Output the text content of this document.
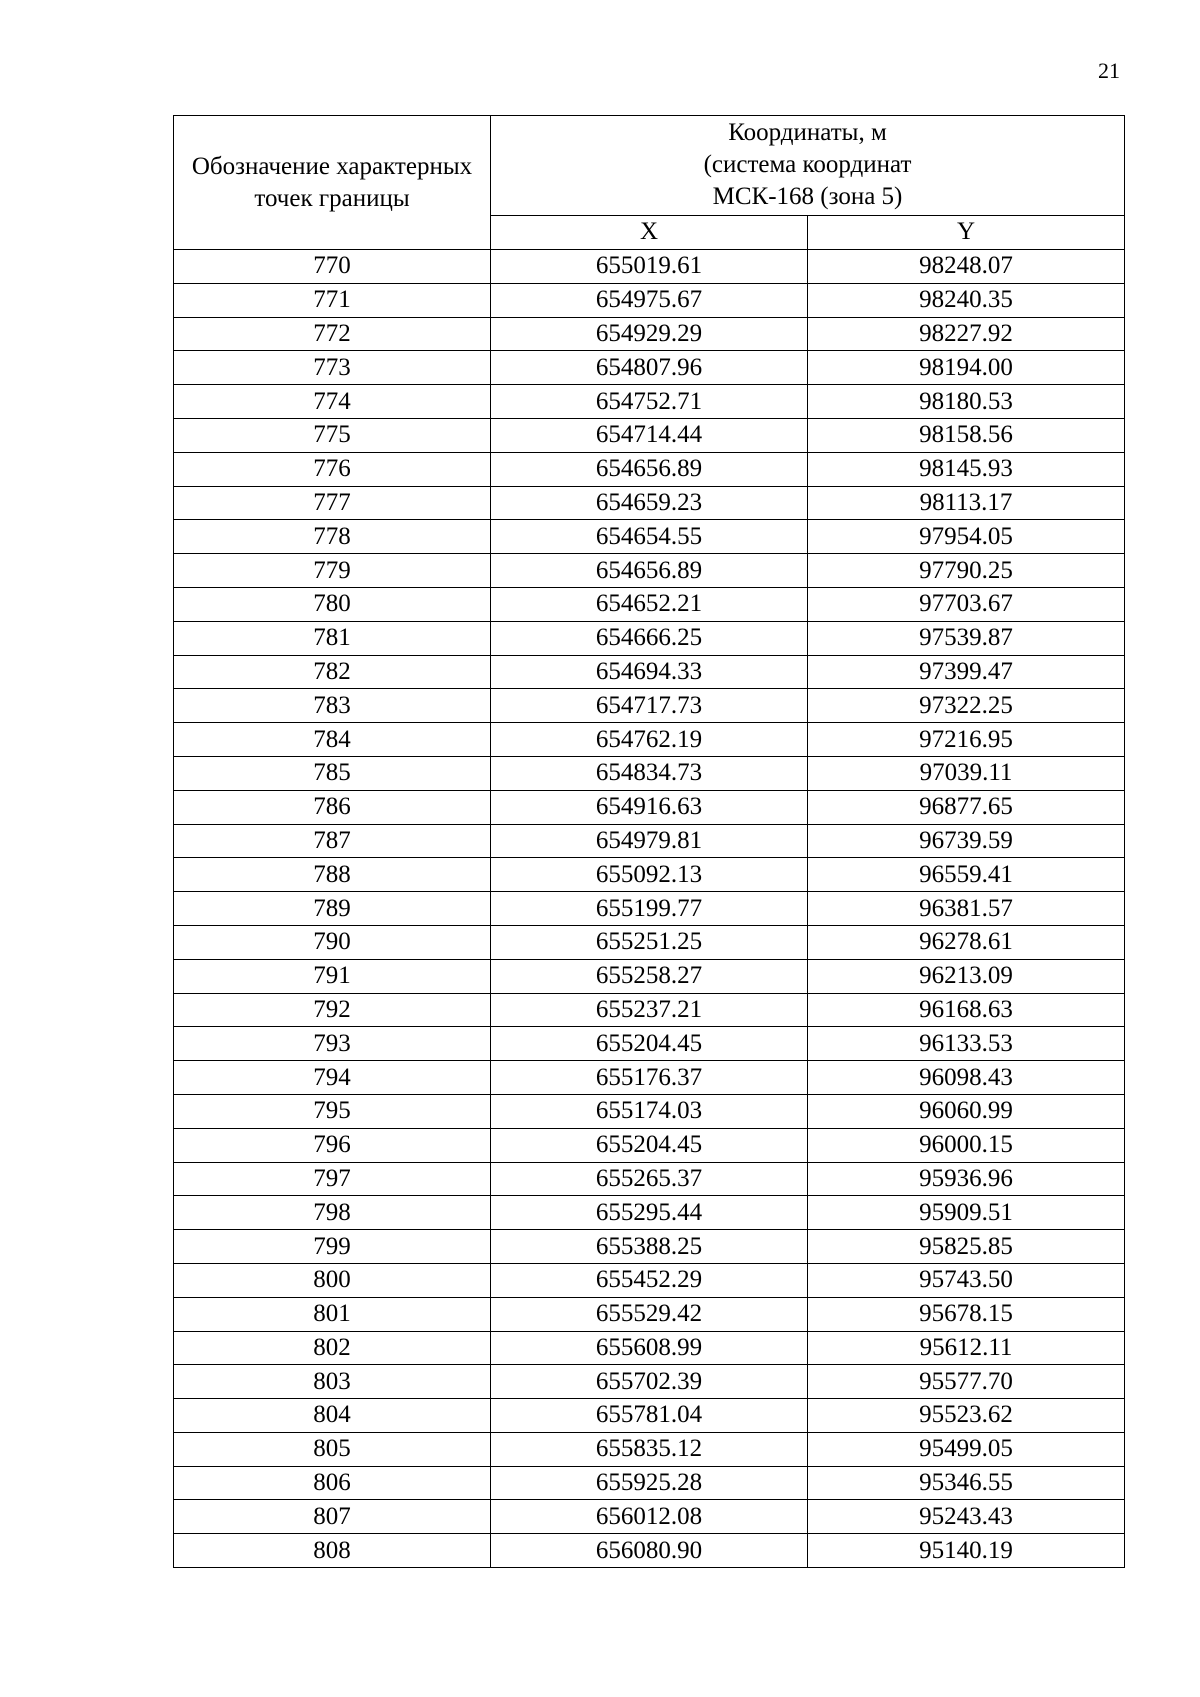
21
Обозначение характерных точек границы	Координаты, м
(система координат
МСК-168 (зона 5)	

	X	Y
770	655019.61	98248.07
771	654975.67	98240.35
772	654929.29	98227.92
773	654807.96	98194.00
774	654752.71	98180.53
775	654714.44	98158.56
776	654656.89	98145.93
777	654659.23	98113.17
778	654654.55	97954.05
779	654656.89	97790.25
780	654652.21	97703.67
781	654666.25	97539.87
782	654694.33	97399.47
783	654717.73	97322.25
784	654762.19	97216.95
785	654834.73	97039.11
786	654916.63	96877.65
787	654979.81	96739.59
788	655092.13	96559.41
789	655199.77	96381.57
790	655251.25	96278.61
791	655258.27	96213.09
792	655237.21	96168.63
793	655204.45	96133.53
794	655176.37	96098.43
795	655174.03	96060.99
796	655204.45	96000.15
797	655265.37	95936.96
798	655295.44	95909.51
799	655388.25	95825.85
800	655452.29	95743.50
801	655529.42	95678.15
802	655608.99	95612.11
803	655702.39	95577.70
804	655781.04	95523.62
805	655835.12	95499.05
806	655925.28	95346.55
807	656012.08	95243.43
808	656080.90	95140.19
